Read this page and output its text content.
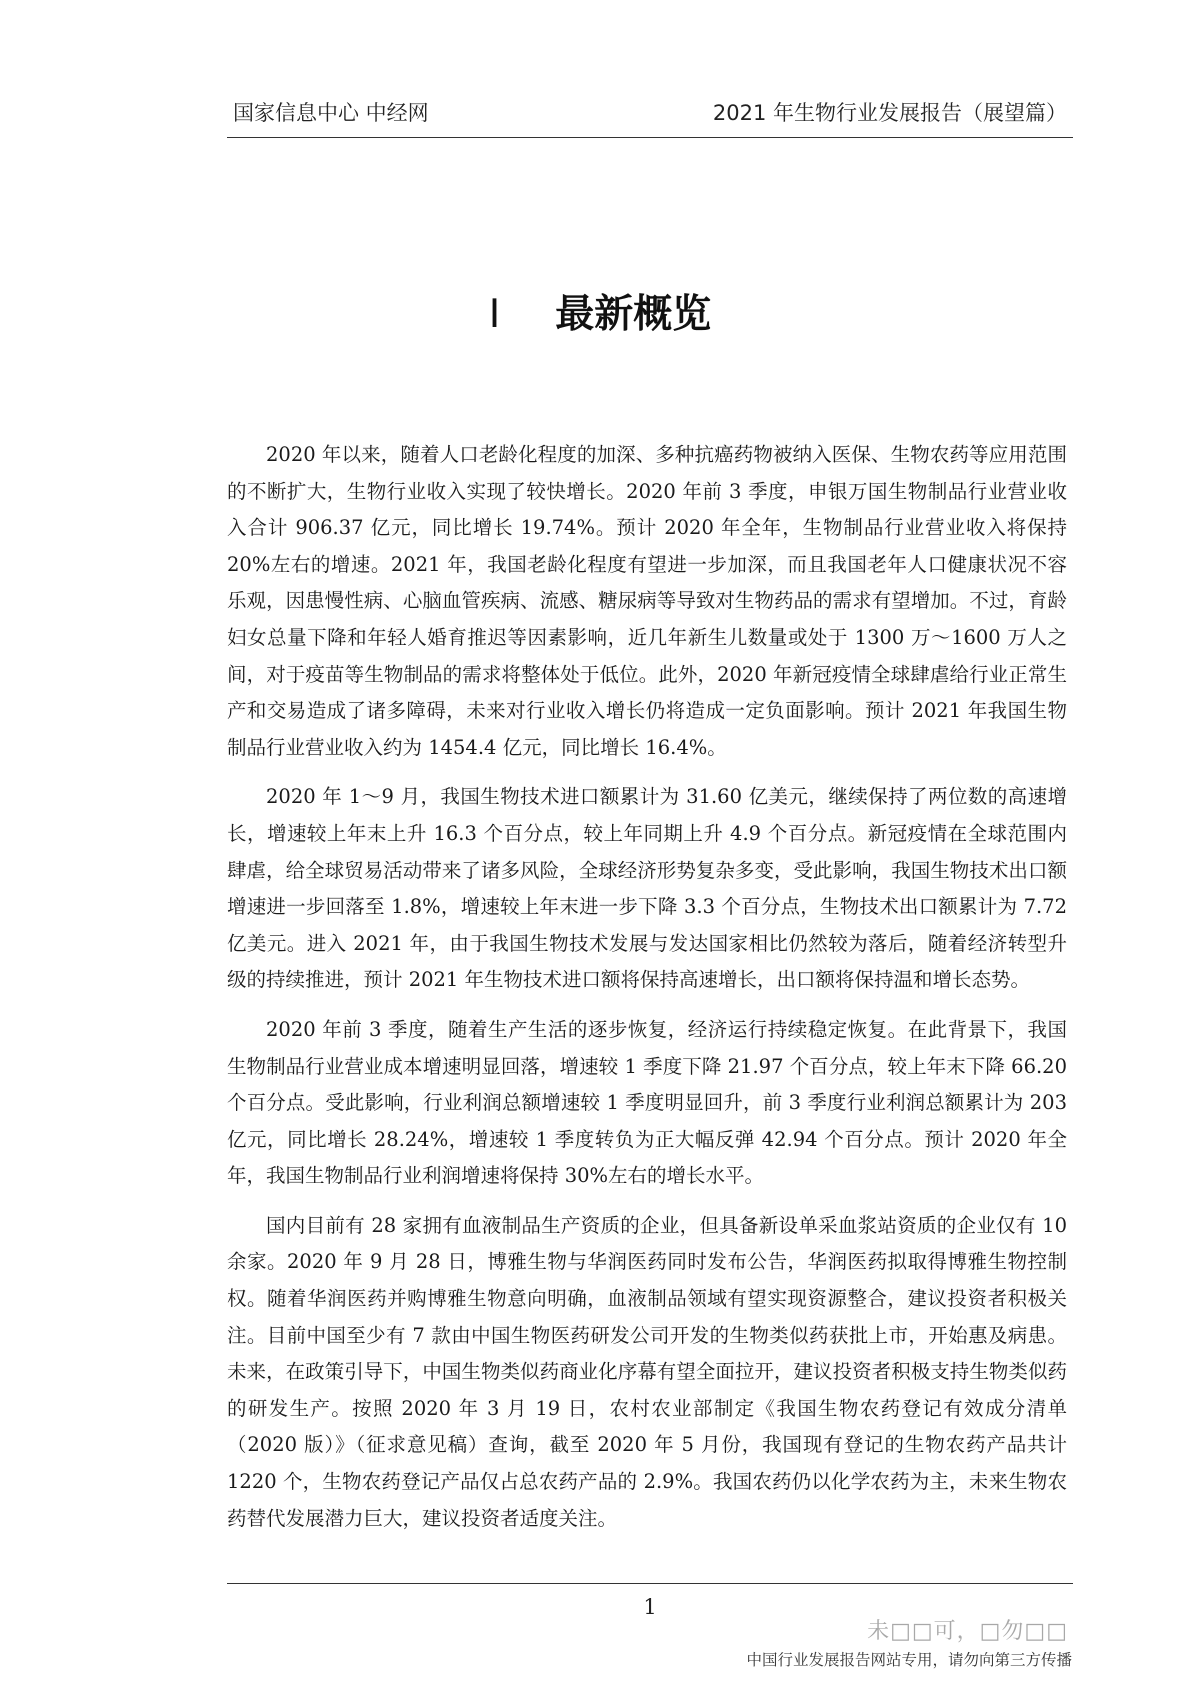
国家信息中心 中经网	2021 年生物行业发展报告（展望篇）
I 最新概览

2020 年以来，随着人口老龄化程度的加深、多种抗癌药物被纳入医保、生物农药等应用范围的不断扩大，生物行业收入实现了较快增长。2020 年前 3 季度，申银万国生物制品行业营业收入合计 906.37 亿元，同比增长 19.74%。预计 2020 年全年，生物制品行业营业收入将保持 20%左右的增速。2021 年，我国老龄化程度有望进一步加深，而且我国老年人口健康状况不容乐观，因患慢性病、心脑血管疾病、流感、糖尿病等导致对生物药品的需求有望增加。不过，育龄妇女总量下降和年轻人婚育推迟等因素影响，近几年新生儿数量或处于 1300 万～1600 万人之间，对于疫苗等生物制品的需求将整体处于低位。此外，2020 年新冠疫情全球肆虐给行业正常生产和交易造成了诸多障碍，未来对行业收入增长仍将造成一定负面影响。预计 2021 年我国生物制品行业营业收入约为 1454.4 亿元，同比增长 16.4%。

2020 年 1～9 月，我国生物技术进口额累计为 31.60 亿美元，继续保持了两位数的高速增长，增速较上年末上升 16.3 个百分点，较上年同期上升 4.9 个百分点。新冠疫情在全球范围内肆虐，给全球贸易活动带来了诸多风险，全球经济形势复杂多变，受此影响，我国生物技术出口额增速进一步回落至 1.8%，增速较上年末进一步下降 3.3 个百分点，生物技术出口额累计为 7.72 亿美元。进入 2021 年，由于我国生物技术发展与发达国家相比仍然较为落后，随着经济转型升级的持续推进，预计 2021 年生物技术进口额将保持高速增长，出口额将保持温和增长态势。

2020 年前 3 季度，随着生产生活的逐步恢复，经济运行持续稳定恢复。在此背景下，我国生物制品行业营业成本增速明显回落，增速较 1 季度下降 21.97 个百分点，较上年末下降 66.20 个百分点。受此影响，行业利润总额增速较 1 季度明显回升，前 3 季度行业利润总额累计为 203 亿元，同比增长 28.24%，增速较 1 季度转负为正大幅反弹 42.94 个百分点。预计 2020 年全年，我国生物制品行业利润增速将保持 30%左右的增长水平。

国内目前有 28 家拥有血液制品生产资质的企业，但具备新设单采血浆站资质的企业仅有 10 余家。2020 年 9 月 28 日，博雅生物与华润医药同时发布公告，华润医药拟取得博雅生物控制权。随着华润医药并购博雅生物意向明确，血液制品领域有望实现资源整合，建议投资者积极关注。目前中国至少有 7 款由中国生物医药研发公司开发的生物类似药获批上市，开始惠及病患。未来，在政策引导下，中国生物类似药商业化序幕有望全面拉开，建议投资者积极支持生物类似药的研发生产。按照 2020 年 3 月 19 日，农村农业部制定《我国生物农药登记有效成分清单（2020 版）》（征求意见稿）查询，截至 2020 年 5 月份，我国现有登记的生物农药产品共计 1220 个，生物农药登记产品仅占总农药产品的 2.9%。我国农药仍以化学农药为主，未来生物农药替代发展潜力巨大，建议投资者适度关注。

1
未□□可，□勿□□
中国行业发展报告网站专用，请勿向第三方传播
